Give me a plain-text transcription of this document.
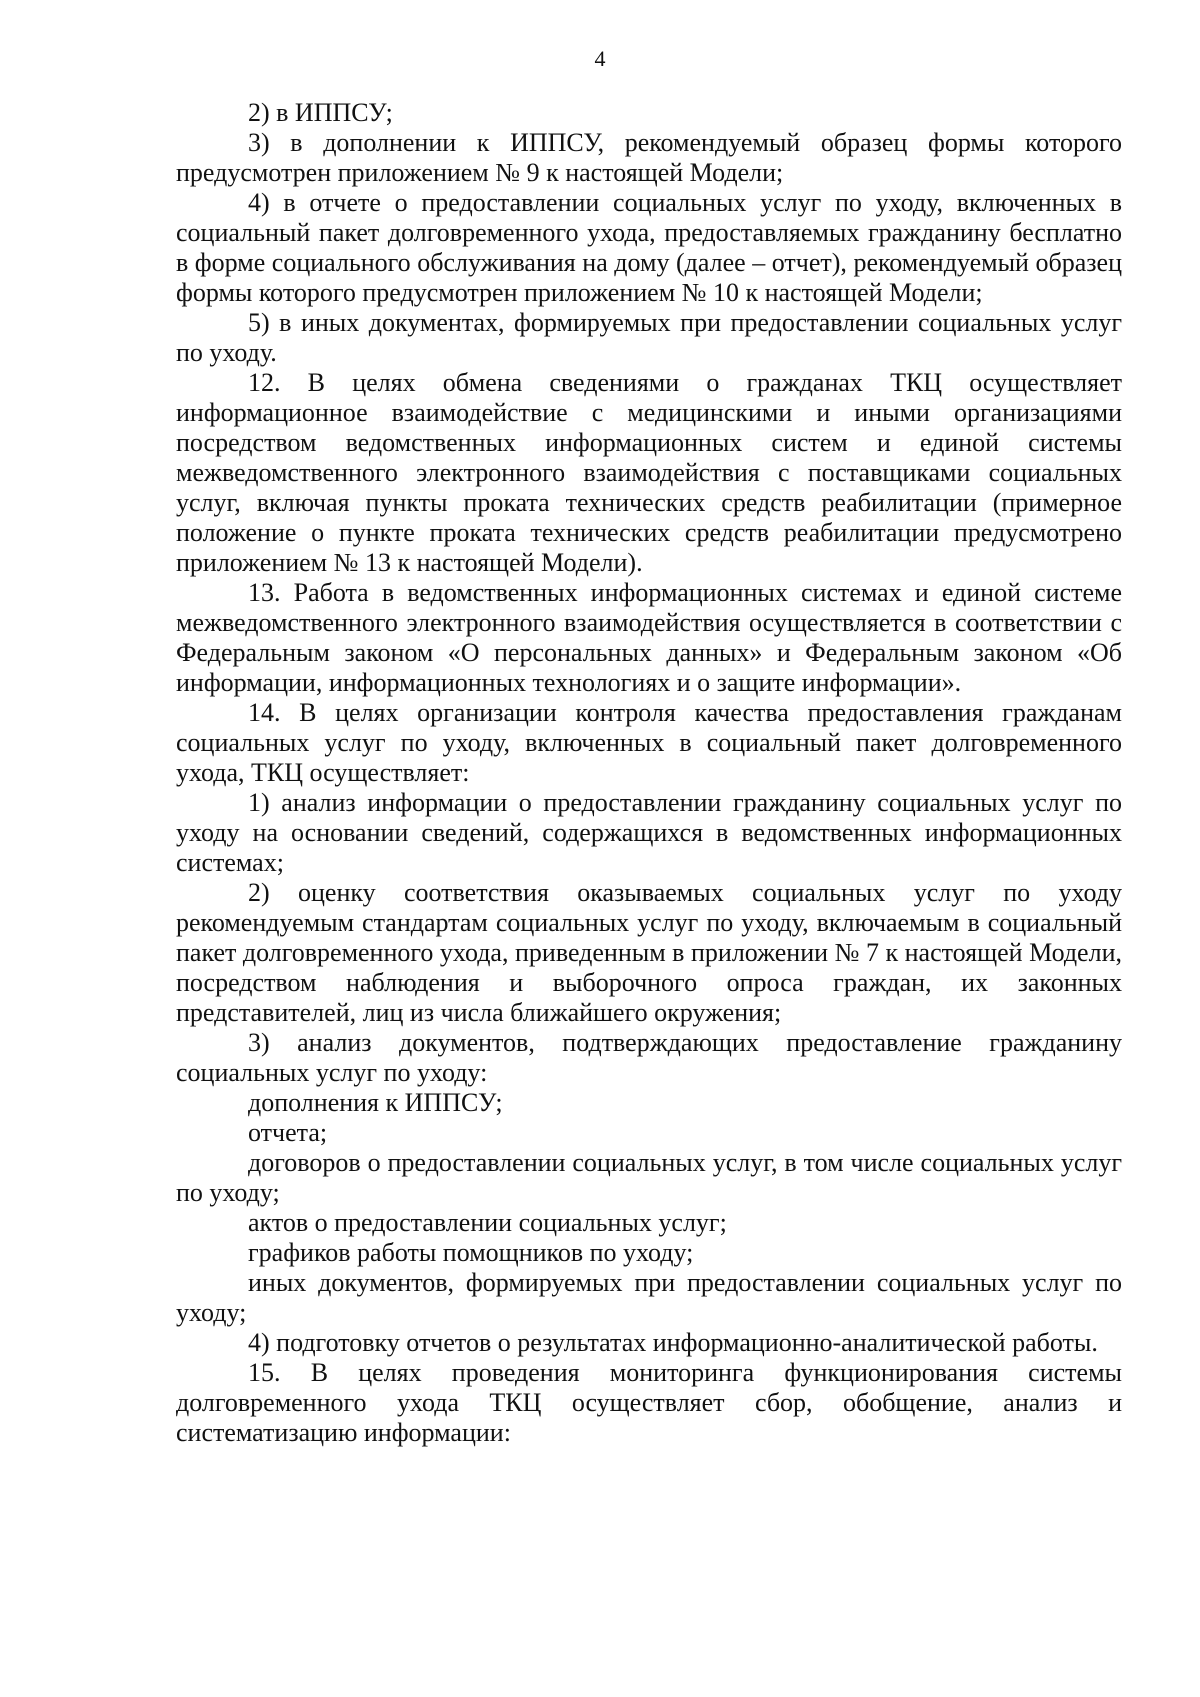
4

2) в ИППСУ;

3) в дополнении к ИППСУ, рекомендуемый образец формы которого предусмотрен приложением № 9 к настоящей Модели;

4) в отчете о предоставлении социальных услуг по уходу, включенных в социальный пакет долговременного ухода, предоставляемых гражданину бесплатно в форме социального обслуживания на дому (далее – отчет), рекомендуемый образец формы которого предусмотрен приложением № 10 к настоящей Модели;

5) в иных документах, формируемых при предоставлении социальных услуг по уходу.

12. В целях обмена сведениями о гражданах ТКЦ осуществляет информационное взаимодействие с медицинскими и иными организациями посредством ведомственных информационных систем и единой системы межведомственного электронного взаимодействия с поставщиками социальных услуг, включая пункты проката технических средств реабилитации (примерное положение о пункте проката технических средств реабилитации предусмотрено приложением № 13 к настоящей Модели).

13. Работа в ведомственных информационных системах и единой системе межведомственного электронного взаимодействия осуществляется в соответствии с Федеральным законом «О персональных данных» и Федеральным законом «Об информации, информационных технологиях и о защите информации».

14. В целях организации контроля качества предоставления гражданам социальных услуг по уходу, включенных в социальный пакет долговременного ухода, ТКЦ осуществляет:

1) анализ информации о предоставлении гражданину социальных услуг по уходу на основании сведений, содержащихся в ведомственных информационных системах;

2) оценку соответствия оказываемых социальных услуг по уходу рекомендуемым стандартам социальных услуг по уходу, включаемым в социальный пакет долговременного ухода, приведенным в приложении № 7 к настоящей Модели, посредством наблюдения и выборочного опроса граждан, их законных представителей, лиц из числа ближайшего окружения;

3) анализ документов, подтверждающих предоставление гражданину социальных услуг по уходу:

дополнения к ИППСУ;

отчета;

договоров о предоставлении социальных услуг, в том числе социальных услуг по уходу;

актов о предоставлении социальных услуг;

графиков работы помощников по уходу;

иных документов, формируемых при предоставлении социальных услуг по уходу;

4) подготовку отчетов о результатах информационно-аналитической работы.

15. В целях проведения мониторинга функционирования системы долговременного ухода ТКЦ осуществляет сбор, обобщение, анализ и систематизацию информации:
